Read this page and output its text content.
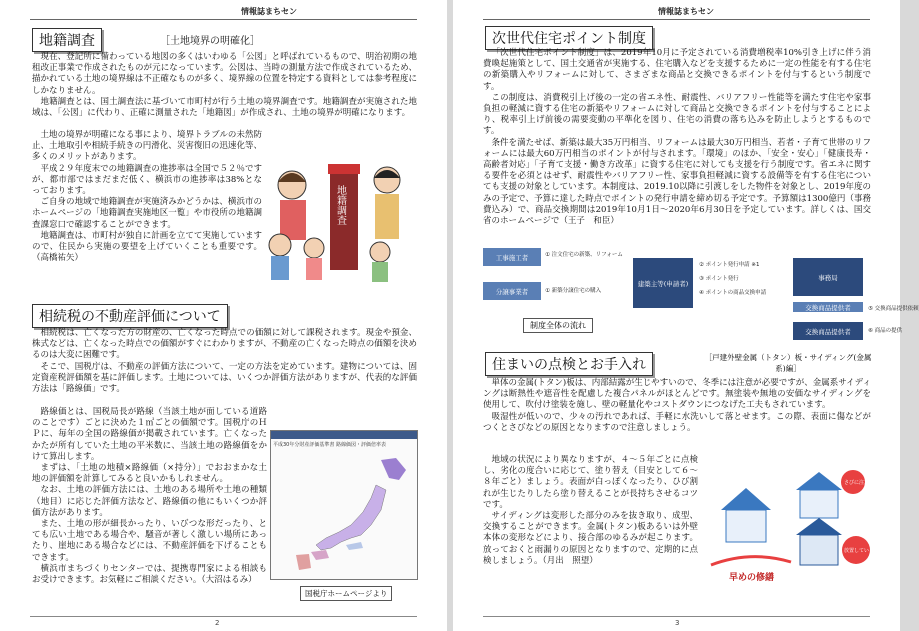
情報誌まちセン
地籍調査	［土地境界の明確化］

現在、登記所に備わっている地図の多くはいわゆる「公図」と呼ばれているもので、明治初期の地租改正事業で作成されたものが元になっています。公図は、当時の測量方法で作成されているため、描かれている土地の境界線は不正確なものが多く、境界線の位置を特定する資料としては参考程度にしかなりません。

地籍調査とは、国土調査法に基づいて市町村が行う土地の境界調査です。地籍調査が実施された地域は、「公図」に代わり、正確に測量された「地籍図」が作成され、土地の境界が明確になります。

土地の境界が明確になる事により、境界トラブルの未然防止、土地取引や相続手続きの円滑化、災害復旧の迅速化等、多くのメリットがあります。

平成２９年度末での地籍調査の進捗率は全国で５２％ですが、都市部ではまだまだ低く、横浜市の進捗率は38%となっております。

ご自身の地域で地籍調査が実施済みかどうかは、横浜市のホームページの「地籍調査実施地区一覧」や市役所の地籍調査課窓口で確認することができます。

地籍調査は、市町村が独自に計画を立てて実施していますので、住民から実施の要望を上げていくことも重要です。（高橋祐矢）

地籍調査
相続税の不動産評価について

相続税は、亡くなった方の財産の、亡くなった時点での価額に対して課税されます。現金や預金、株式などは、亡くなった時点での価額がすぐにわかりますが、不動産の亡くなった時点の価額を決めるのは大変に困難です。

そこで、国税庁は、不動産の評価方法について、一定の方法を定めています。建物については、固定資産税評価額を基に評価します。土地については、いくつか評価方法がありますが、代表的な評価方法は「路線価」です。

路線価とは、国税局長が路線（当該土地が面している道路のことです）ごとに決めた１㎡ごとの価額です。国税庁のＨＰに、毎年の全国の路線価が掲載されています。亡くなったかたが所有していた土地の平米数に、当該土地の路線価をかけて算出します。

まずは、「土地の地積×路線価（×持分）」でおおまかな土地の評価額を計算してみると良いかもしれません。

なお、土地の評価方法には、土地のある場所や土地の種類（地目）に応じた評価方法など、路線価の他にもいくつか評価方法があります。

また、土地の形が細長かったり、いびつな形だったり、とても広い土地である場合や、騒音が著しく激しい場所にあったり、崖地にある場合などには、不動産評価を下げることもできます。

横浜市まちづくりセンターでは、提携専門家による相談もお受けできます。お気軽にご相談ください。（大沼はるみ）

平成30年分財産評価基準書 路線価図・評価倍率表
国税庁ホームページより
2
情報誌まちセン
次世代住宅ポイント制度

「次世代住宅ポイント制度」は、2019年10月に予定されている消費増税率10%引き上げに伴う消費喚起施策として、国土交通省が実施する、住宅購入などを支援するために一定の性能を有する住宅の新築購入やリフォームに対して、さまざまな商品と交換できるポイントを付与するという制度です。

この制度は、消費税引上げ後の一定の省エネ性、耐震性、バリアフリー性能等を満たす住宅や家事負担の軽減に資する住宅の新築やリフォームに対して商品と交換できるポイントを付与することにより、税率引上げ前後の需要変動の平準化を図り、住宅の消費の落ち込みを防止しようとするものです。

条件を満たせば、新築は最大35万円相当、リフォームは最大30万円相当、若者・子育て世帯のリフォームには最大60万円相当のポイントが付与されます。「環境」のほか、「安全・安心」「健康長寿・高齢者対応」「子育て支援・働き方改革」に資する住宅に対しても支援を行う制度です。省エネに関する要件を必須とはせず、耐震性やバリアフリー性、家事負担軽減に資する設備等を有する住宅についても支援の対象としています。本制度は、2019.10以降に引渡しをした物件を対象とし、2019年度のみの予定で、予算に達した時点でポイントの発行申請を締め切る予定です。予算額は1300億円（事務費込み）で、商品交換期間は2019年10月1日〜2020年6月30日を予定しています。詳しくは、国交省のホームページで（王子　和臣）

工事施工者
分譲事業者
建築主等(申請者)
事務局
交換商品提供者
交換商品提供者
① 注文住宅の新築、リフォーム
① 新築分譲住宅の購入
② ポイント発行申請 ※1
③ ポイント発行
④ ポイントの商品交換申請
⑤ 交換商品提供依頼
⑥ 商品の提供
制度全体の流れ
住まいの点検とお手入れ	［戸建外壁金属（トタン）板・サイディング(金属系)編］

単体の金属(トタン)板は、内部結露が生じやすいので、冬季には注意が必要ですが、金属系サイディングは断熱性や遮音性を配慮した複合パネルがほとんどです。無塗装や無地の安価なサイディングを使用して、吹付け塗装を施し、壁の軽量化やコストダウンにつなげた工夫もされています。

吸湿性が低いので、少々の汚れであれば、手軽に水洗いして落とせます。この際、表面に傷などがつくとさびなどの原因となりますので注意しましょう。

地域の状況により異なりますが、４〜５年ごとに点検し、劣化の度合いに応じて、塗り替え（目安として６〜８年ごと）ましょう。表面が白っぽくなったり、ひび割れが生じたりしたら塗り替えることが長持ちさせるコツです。

サイディングは変形した部分のみを抜き取り、成型、交換することができます。金属(トタン)板あるいは外壁本体の変形などにより、接合部のゆるみが起こります。放っておくと雨漏りの原因となりますので、定期的に点検しましょう。（月出　照望）

さびに注意
放置していると…
早めの修繕
3
